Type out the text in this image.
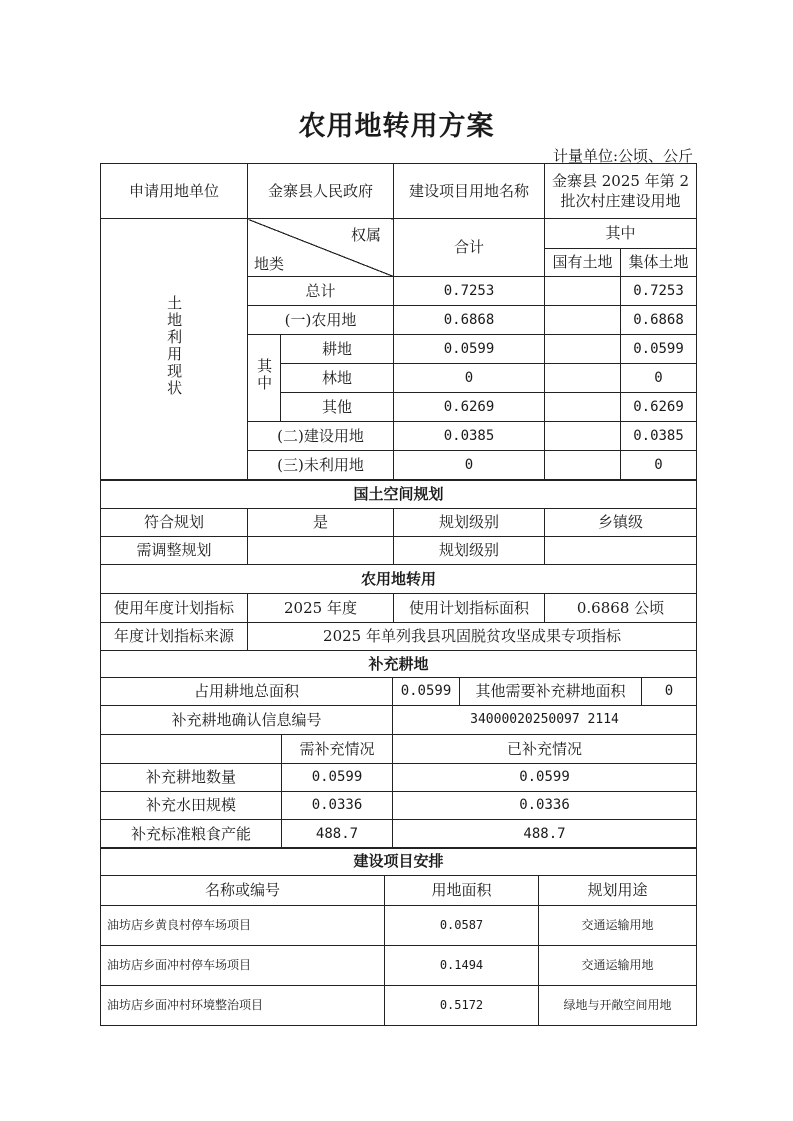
农用地转用方案
计量单位:公顷、公斤
申请用地单位	金寨县人民政府		建设项目用地名称	金寨县 2025 年第 2
批次村庄建设用地	

土地利用现状	权属
地类		合计	其中	
				国有土地	集体土地
	总计		0.7253		0.7253
	(一)农用地		0.6868		0.6868
	其中	耕地	0.0599		0.0599
		林地	0		0
		其他	0.6269		0.6269
	(二)建设用地		0.0385		0.0385
	(三)未利用地		0		0
国土空间规划			
符合规划	是	规划级别	乡镇级
需调整规划		规划级别	
农用地转用			
使用年度计划指标	2025 年度	使用计划指标面积	0.6868 公顷
年度计划指标来源	2025 年单列我县巩固脱贫攻坚成果专项指标		
补充耕地				
占用耕地总面积		0.0599	其他需要补充耕地面积	0
补充耕地确认信息编号		34000020250097 2114		
	需补充情况	已补充情况		
补充耕地数量	0.0599	0.0599		
补充水田规模	0.0336	0.0336		
补充标准粮食产能	488.7	488.7		
建设项目安排		
名称或编号	用地面积	规划用途
油坊店乡黄良村停车场项目	0.0587	交通运输用地
油坊店乡面冲村停车场项目	0.1494	交通运输用地
油坊店乡面冲村环境整治项目	0.5172	绿地与开敞空间用地
